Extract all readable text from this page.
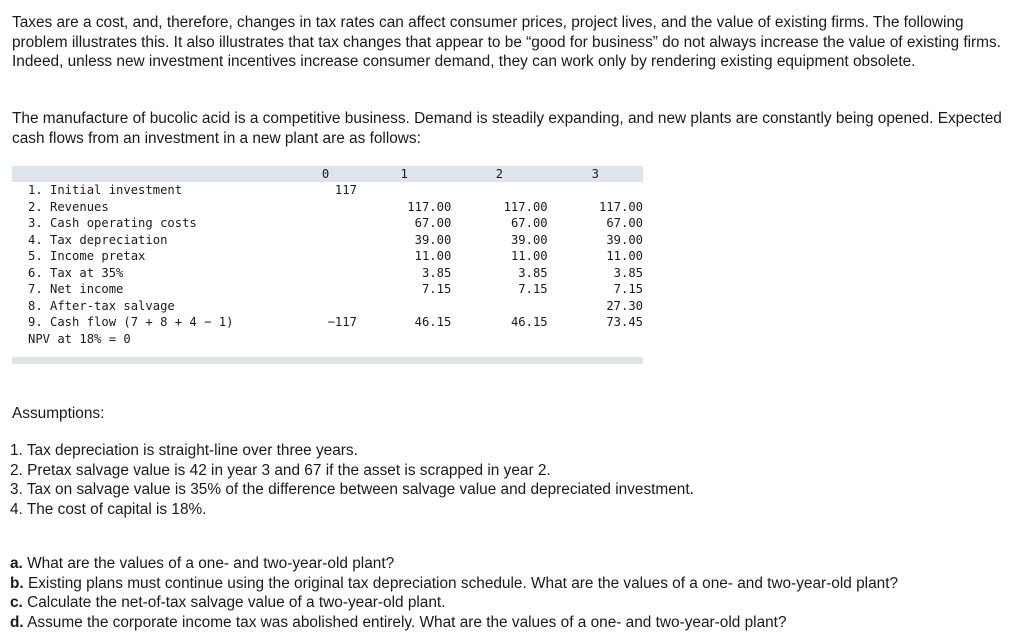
Taxes are a cost, and, therefore, changes in tax rates can affect consumer prices, project lives, and the value of existing firms. The following problem illustrates this. It also illustrates that tax changes that appear to be “good for business” do not always increase the value of existing firms. Indeed, unless new investment incentives increase consumer demand, they can work only by rendering existing equipment obsolete.

The manufacture of bucolic acid is a competitive business. Demand is steadily expanding, and new plants are constantly being opened. Expected cash flows from an investment in a new plant are as follows:

	0	1	2	3
1. Initial investment	117			
2. Revenues		117.00	117.00	117.00
3. Cash operating costs		67.00	67.00	67.00
4. Tax depreciation		39.00	39.00	39.00
5. Income pretax		11.00	11.00	11.00
6. Tax at 35%		3.85	3.85	3.85
7. Net income		7.15	7.15	7.15
8. After-tax salvage				27.30
9. Cash flow (7 + 8 + 4 − 1)	−117	46.15	46.15	73.45
NPV at 18% = 0				

Assumptions:
1. Tax depreciation is straight-line over three years.
2. Pretax salvage value is 42 in year 3 and 67 if the asset is scrapped in year 2.
3. Tax on salvage value is 35% of the difference between salvage value and depreciated investment.
4. The cost of capital is 18%.
a. What are the values of a one- and two-year-old plant?
b. Existing plans must continue using the original tax depreciation schedule. What are the values of a one- and two-year-old plant?
c. Calculate the net-of-tax salvage value of a two-year-old plant.
d. Assume the corporate income tax was abolished entirely. What are the values of a one- and two-year-old plant?
